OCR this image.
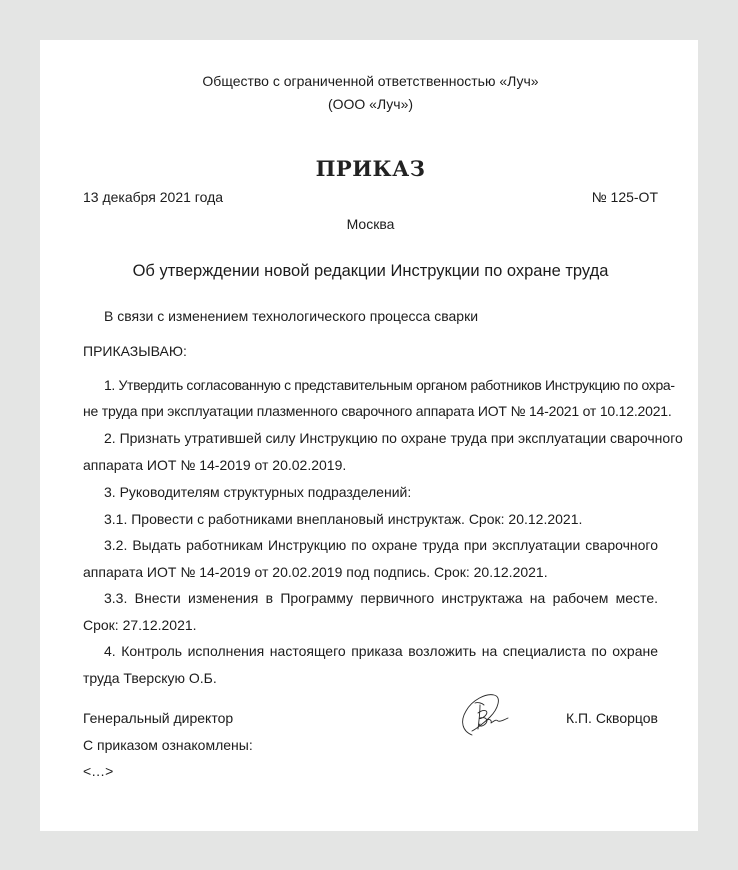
Общество с ограниченной ответственностью «Луч»
(ООО «Луч»)
ПРИКАЗ
13 декабря 2021 года	№ 125-ОТ
Москва
Об утверждении новой редакции Инструкции по охране труда
В связи с изменением технологического процесса сварки
ПРИКАЗЫВАЮ:
1. Утвердить согласованную с представительным органом работников Инструкцию по охра-
не труда при эксплуатации плазменного сварочного аппарата ИОТ № 14-2021 от 10.12.2021.
2. Признать утратившей силу Инструкцию по охране труда при эксплуатации сварочного
аппарата ИОТ № 14-2019 от 20.02.2019.
3. Руководителям структурных подразделений:
3.1. Провести с работниками внеплановый инструктаж. Срок: 20.12.2021.
3.2. Выдать работникам Инструкцию по охране труда при эксплуатации сварочного
аппарата ИОТ № 14-2019 от 20.02.2019 под подпись. Срок: 20.12.2021.
3.3. Внести изменения в Программу первичного инструктажа на рабочем месте.
Срок: 27.12.2021.
4. Контроль исполнения настоящего приказа возложить на специалиста по охране
труда Тверскую О.Б.
Генеральный директор	К.П. Скворцов
С приказом ознакомлены:
<…>
